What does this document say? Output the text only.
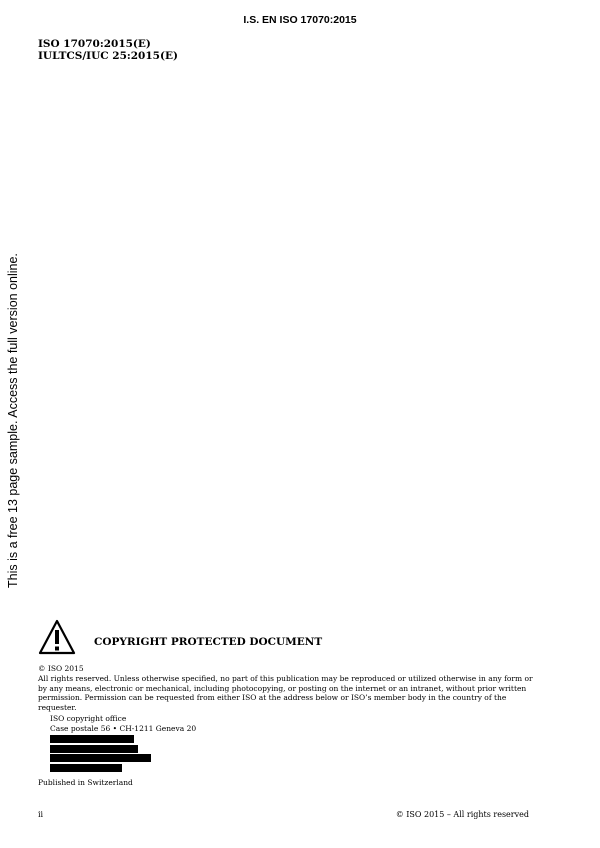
I.S. EN ISO 17070:2015
ISO 17070:2015(E)
IULTCS/IUC 25:2015(E)
This is a free 13 page sample. Access the full version online.
COPYRIGHT PROTECTED DOCUMENT
© ISO 2015
All rights reserved. Unless otherwise specified, no part of this publication may be reproduced or utilized otherwise in any form or by any means, electronic or mechanical, including photocopying, or posting on the internet or an intranet, without prior written permission. Permission can be requested from either ISO at the address below or ISO’s member body in the country of the requester.
ISO copyright office
Case postale 56 • CH-1211 Geneva 20
Published in Switzerland
ii	© ISO 2015 – All rights reserved
